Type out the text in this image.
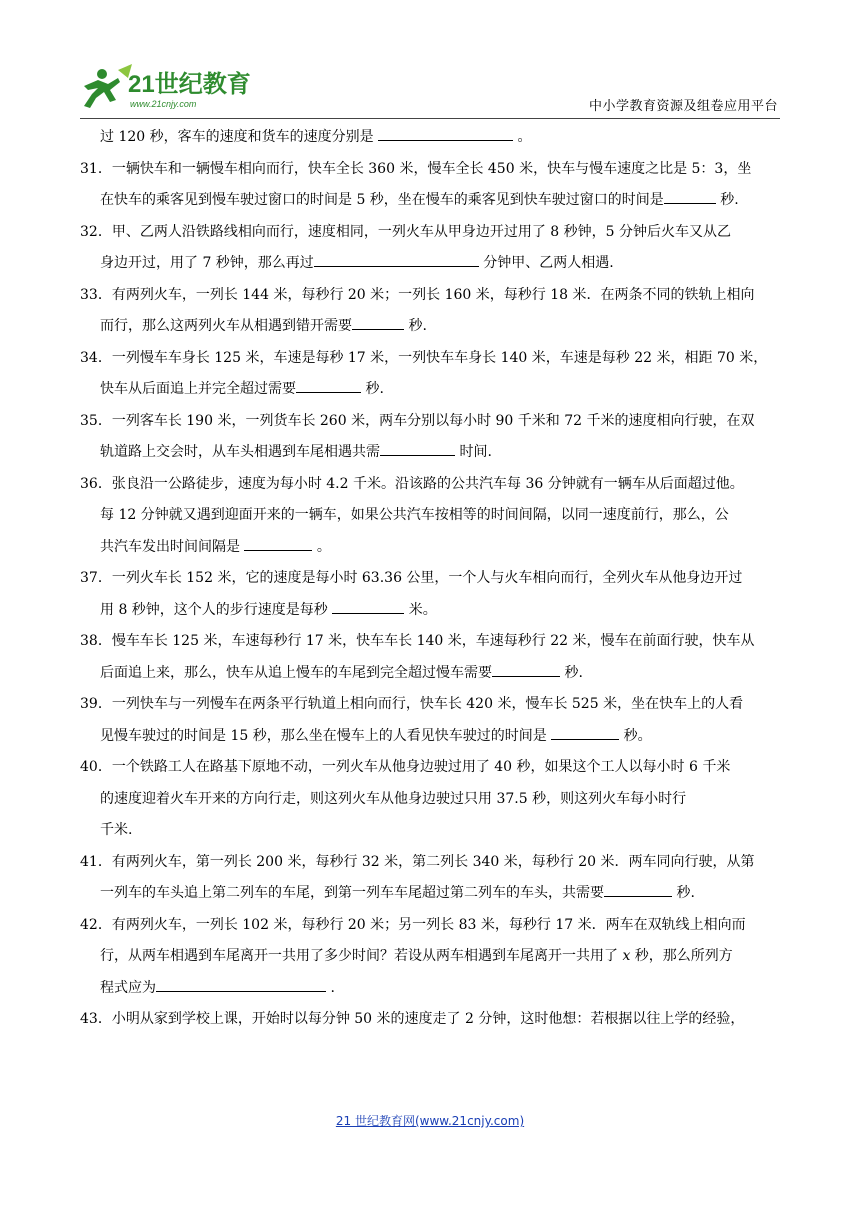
21世纪教育
www.21cnjy.com	中小学教育资源及组卷应用平台
过 120 秒，客车的速度和货车的速度分别是	。
31．一辆快车和一辆慢车相向而行，快车全长 360 米，慢车全长 450 米，快车与慢车速度之比是 5：3，坐
在快车的乘客见到慢车驶过窗口的时间是 5 秒，坐在慢车的乘客见到快车驶过窗口的时间是	秒.
32．甲、乙两人沿铁路线相向而行，速度相同，一列火车从甲身边开过用了 8 秒钟，5 分钟后火车又从乙
身边开过，用了 7 秒钟，那么再过	分钟甲、乙两人相遇.
33．有两列火车，一列长 144 米，每秒行 20 米；一列长 160 米，每秒行 18 米．在两条不同的铁轨上相向
而行，那么这两列火车从相遇到错开需要	秒.
34．一列慢车车身长 125 米，车速是每秒 17 米，一列快车车身长 140 米，车速是每秒 22 米，相距 70 米，
快车从后面追上并完全超过需要	秒.
35．一列客车长 190 米，一列货车长 260 米，两车分别以每小时 90 千米和 72 千米的速度相向行驶，在双
轨道路上交会时，从车头相遇到车尾相遇共需	时间.
36．张良沿一公路徒步，速度为每小时 4.2 千米。沿该路的公共汽车每 36 分钟就有一辆车从后面超过他。
每 12 分钟就又遇到迎面开来的一辆车，如果公共汽车按相等的时间间隔，以同一速度前行，那么，公
共汽车发出时间间隔是	。
37．一列火车长 152 米，它的速度是每小时 63.36 公里，一个人与火车相向而行，全列火车从他身边开过
用 8 秒钟，这个人的步行速度是每秒	米。
38．慢车车长 125 米，车速每秒行 17 米，快车车长 140 米，车速每秒行 22 米，慢车在前面行驶，快车从
后面追上来，那么，快车从追上慢车的车尾到完全超过慢车需要	秒.
39．一列快车与一列慢车在两条平行轨道上相向而行，快车长 420 米，慢车长 525 米，坐在快车上的人看
见慢车驶过的时间是 15 秒，那么坐在慢车上的人看见快车驶过的时间是	秒。
40．一个铁路工人在路基下原地不动，一列火车从他身边驶过用了 40 秒，如果这个工人以每小时 6 千米
的速度迎着火车开来的方向行走，则这列火车从他身边驶过只用 37.5 秒，则这列火车每小时行
千米.
41．有两列火车，第一列长 200 米，每秒行 32 米，第二列长 340 米，每秒行 20 米．两车同向行驶，从第
一列车的车头追上第二列车的车尾，到第一列车车尾超过第二列车的车头，共需要	秒.
42．有两列火车，一列长 102 米，每秒行 20 米；另一列长 83 米，每秒行 17 米．两车在双轨线上相向而
行，从两车相遇到车尾离开一共用了多少时间？若设从两车相遇到车尾离开一共用了 x 秒，那么所列方
程式应为	.
43．小明从家到学校上课，开始时以每分钟 50 米的速度走了 2 分钟，这时他想：若根据以往上学的经验，
21 世纪教育网(www.21cnjy.com)
